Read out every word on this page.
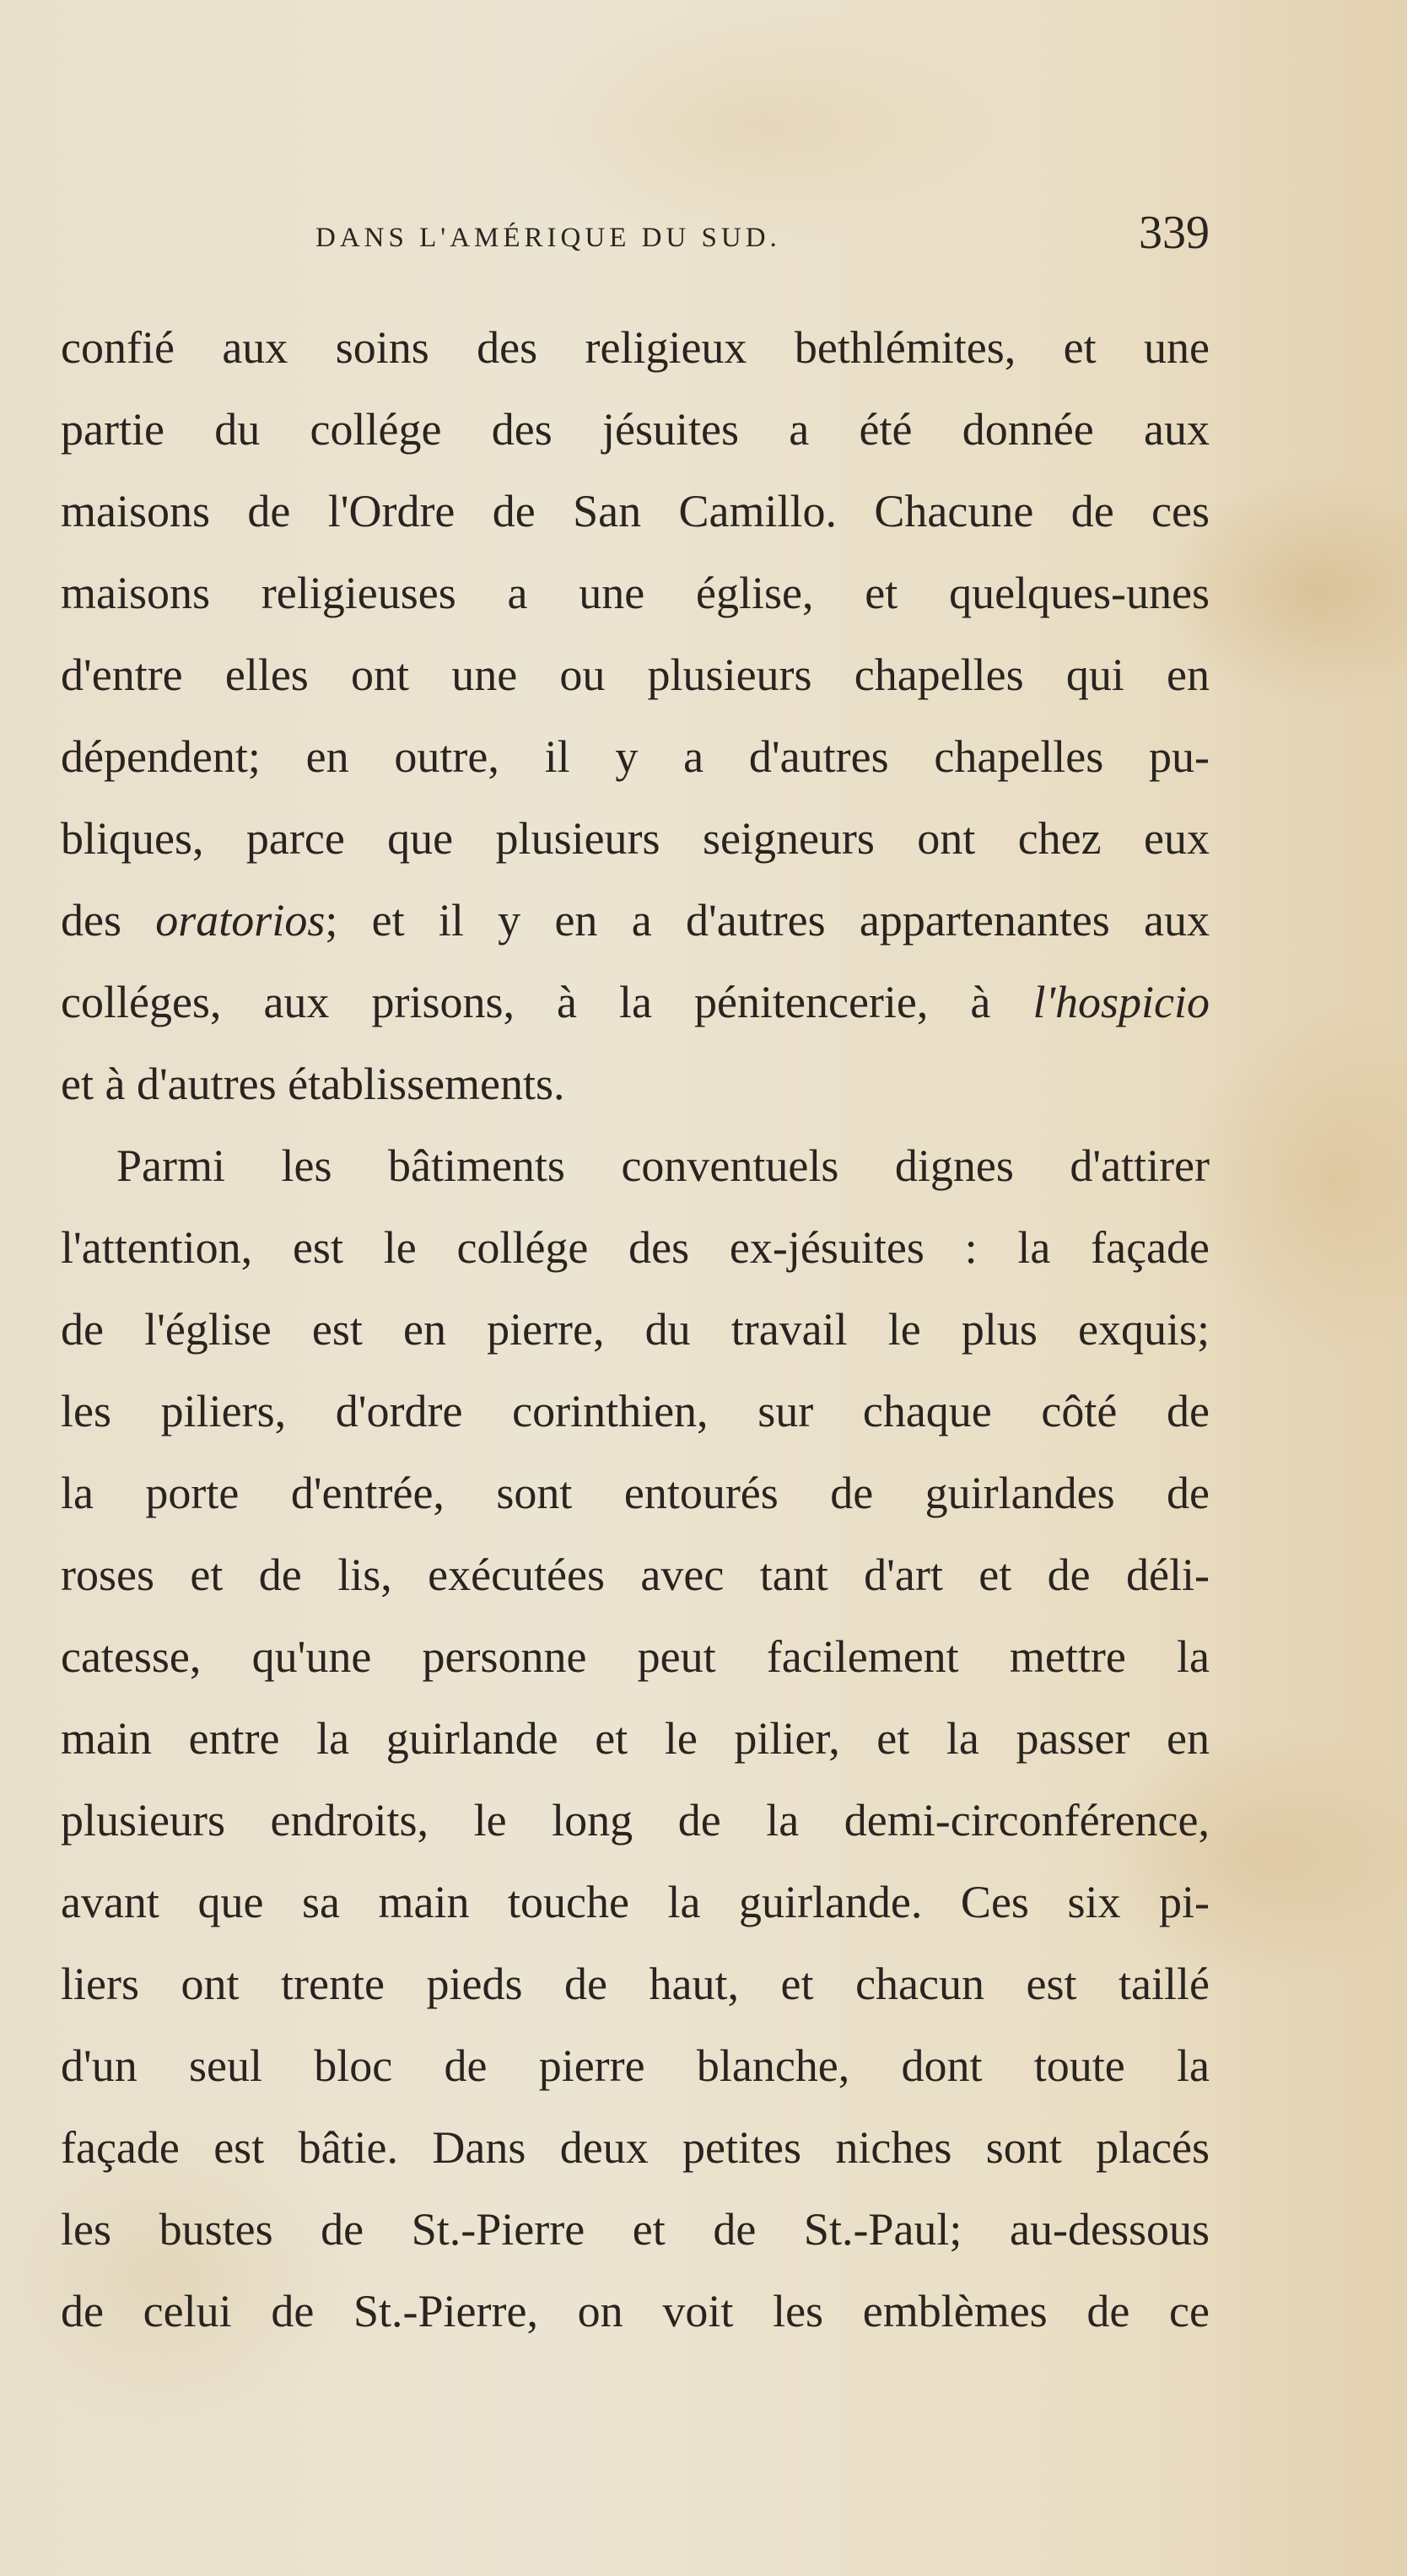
DANS L'AMÉRIQUE DU SUD.	339
confié aux soins des religieux bethlémites, et une
partie du collége des jésuites a été donnée aux
maisons de l'Ordre de San Camillo. Chacune de ces
maisons religieuses a une église, et quelques-unes
d'entre elles ont une ou plusieurs chapelles qui en
dépendent; en outre, il y a d'autres chapelles pu-
bliques, parce que plusieurs seigneurs ont chez eux
des oratorios; et il y en a d'autres appartenantes aux
colléges, aux prisons, à la pénitencerie, à l'hospicio
et à d'autres établissements.
Parmi les bâtiments conventuels dignes d'attirer
l'attention, est le collége des ex-jésuites : la façade
de l'église est en pierre, du travail le plus exquis;
les piliers, d'ordre corinthien, sur chaque côté de
la porte d'entrée, sont entourés de guirlandes de
roses et de lis, exécutées avec tant d'art et de déli-
catesse, qu'une personne peut facilement mettre la
main entre la guirlande et le pilier, et la passer en
plusieurs endroits, le long de la demi-circonférence,
avant que sa main touche la guirlande. Ces six pi-
liers ont trente pieds de haut, et chacun est taillé
d'un seul bloc de pierre blanche, dont toute la
façade est bâtie. Dans deux petites niches sont placés
les bustes de St.-Pierre et de St.-Paul; au-dessous
de celui de St.-Pierre, on voit les emblèmes de ce
